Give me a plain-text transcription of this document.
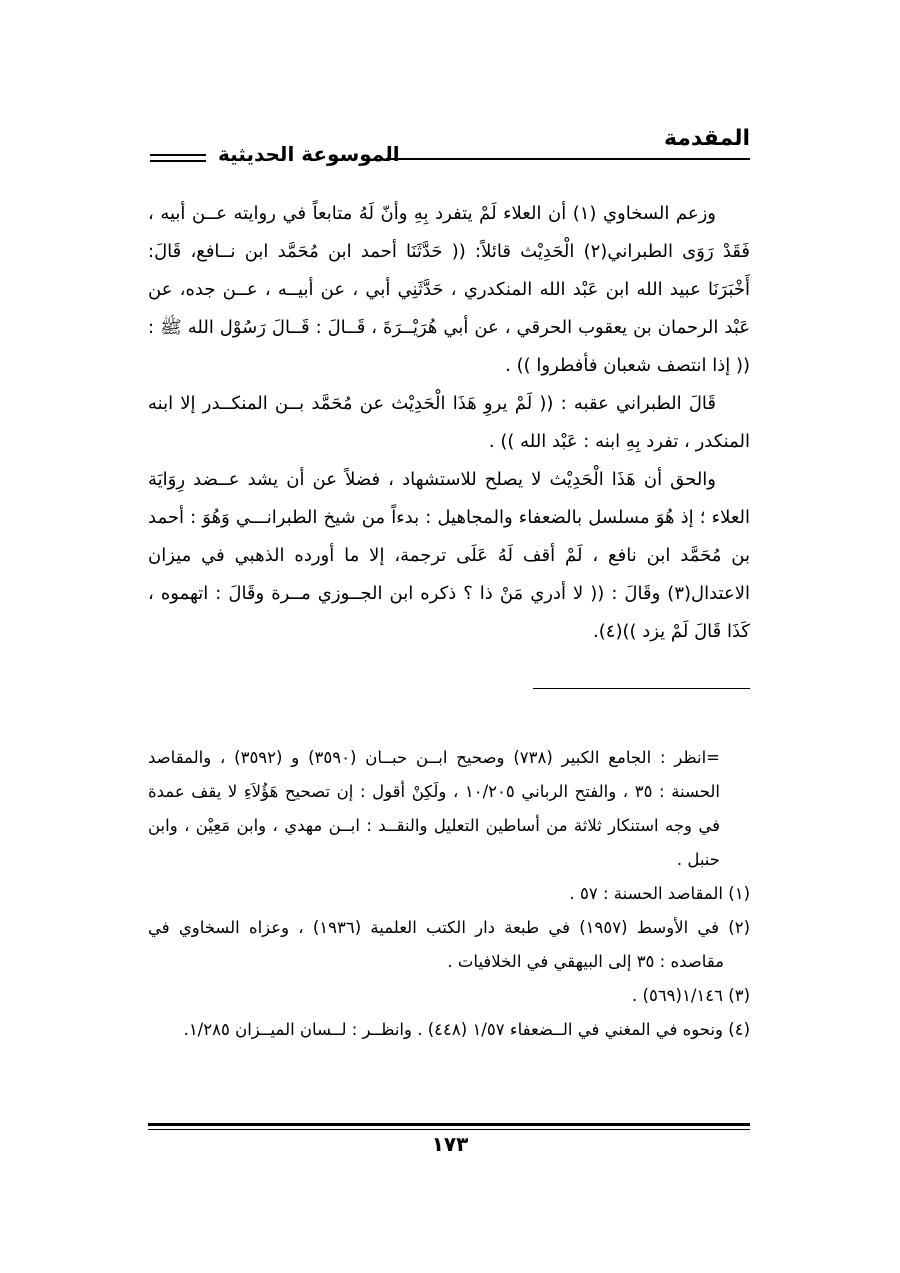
المقدمة
الموسوعة الحديثية

وزعم السخاوي (١) أن العلاء لَمْ يتفرد بِهِ وأنّ لَهُ متابعاً في روايته عــن أبيه ، فَقَدْ رَوَى الطبراني(٢) الْحَدِيْث قائلاً: (( حَدَّثَنَا أحمد ابن مُحَمَّد ابن نــافع، قَالَ: أَخْبَرَنَا عبيد الله ابن عَبْد الله المنكدري ، حَدَّثَنِي أبي ، عن أبيــه ، عــن جده، عن عَبْد الرحمان بن يعقوب الحرقي ، عن أبي هُرَيْــرَةَ ، قَــالَ : قَــالَ رَسُوْل الله ﷺ : (( إذا انتصف شعبان فأفطروا )) .

قَالَ الطبراني عقبه : (( لَمْ يروِ هَذَا الْحَدِيْث عن مُحَمَّد بــن المنكــدر إلا ابنه المنكدر ، تفرد بِهِ ابنه : عَبْد الله )) .

والحق أن هَذَا الْحَدِيْث لا يصلح للاستشهاد ، فضلاً عن أن يشد عــضد رِوَايَة العلاء ؛ إذ هُوَ مسلسل بالضعفاء والمجاهيل : بدءاً من شيخ الطبرانـــي وَهُوَ : أحمد بن مُحَمَّد ابن نافع ، لَمْ أقف لَهُ عَلَى ترجمة، إلا ما أورده الذهبي في ميزان الاعتدال(٣) وقَالَ : (( لا أدري مَنْ ذا ؟ ذكره ابن الجــوزي مــرة وقَالَ : اتهموه ، كَذَا قَالَ لَمْ يزد ))(٤).

=انظر : الجامع الكبير (٧٣٨) وصحيح ابــن حبــان (٣٥٩٠) و (٣٥٩٢) ، والمقاصد الحسنة : ٣٥ ، والفتح الرباني ١٠/٢٠٥ ، ولَكِنْ أقول : إن تصحيح هَؤُلاَءِ لا يقف عمدة في وجه استنكار ثلاثة من أساطين التعليل والنقــد : ابــن مهدي ، وابن مَعِيْن ، وابن حنبل .

(١) المقاصد الحسنة : ٥٧ .

(٢) في الأوسط (١٩٥٧) في طبعة دار الكتب العلمية (١٩٣٦) ، وعزاه السخاوي في مقاصده : ٣٥ إلى البيهقي في الخلافيات .

(٣) ١/١٤٦(٥٦٩) .

(٤) ونحوه في المغني في الــضعفاء ١/٥٧ (٤٤٨) . وانظــر : لــسان الميــزان ١/٢٨٥.

١٧٣
